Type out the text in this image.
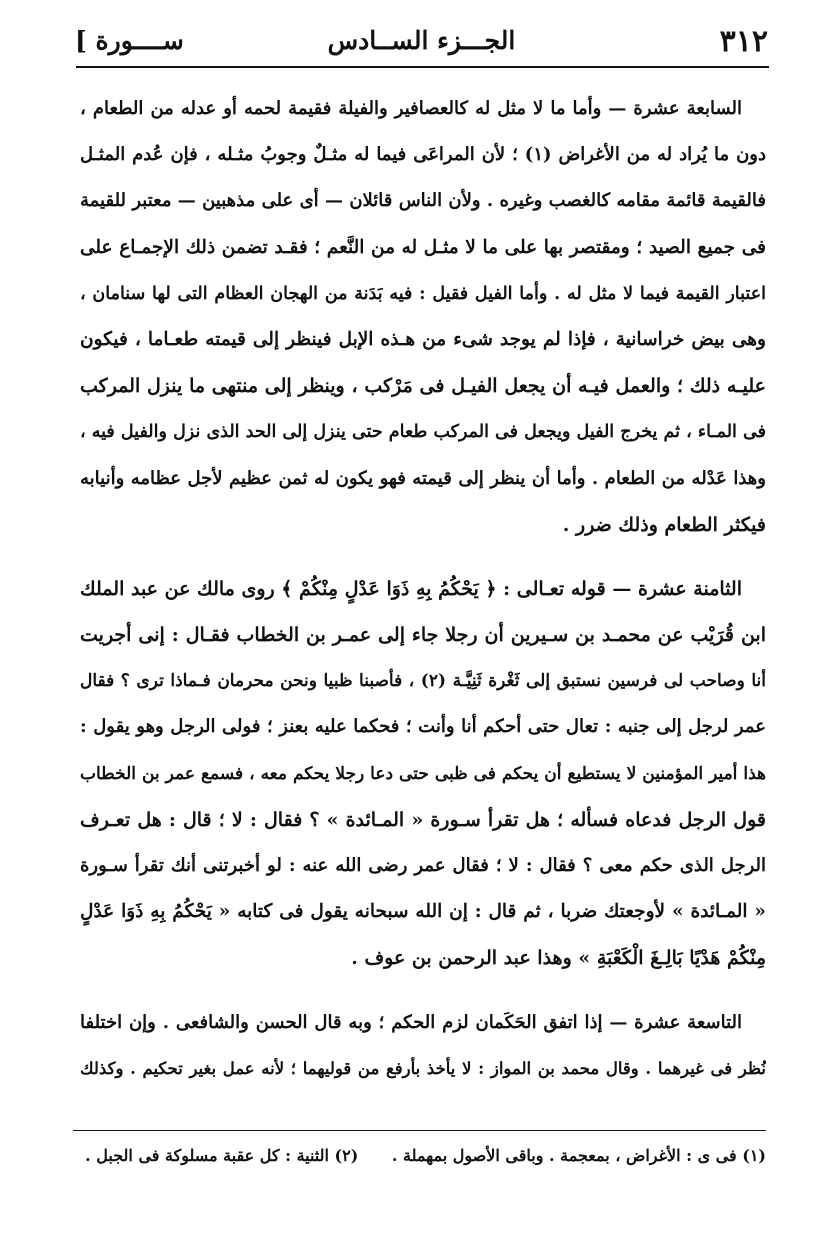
٣١٢
الجـــزء الســادس
ســــورة ]
السابعة عشرة — وأما ما لا مثل له كالعصافير والفيلة فقيمة لحمه أو عدله من الطعام ،
دون ما يُراد له من الأغراض (١) ؛ لأن المراعَى فيما له مثـلٌ وجوبُ مثـله ، فإن عُدم المثـل
فالقيمة قائمة مقامه كالغصب وغيره . ولأن الناس قائلان — أى على مذهبين — معتبر للقيمة
فى جميع الصيد ؛ ومقتصر بها على ما لا مثـل له من النَّعم ؛ فقـد تضمن ذلك الإجمـاع على
اعتبار القيمة فيما لا مثل له . وأما الفيل فقيل : فيه بَدَنة من الهجان العظام التى لها سنامان ،
وهى بيض خراسانية ، فإذا لم يوجد شىء من هـذه الإبل فينظر إلى قيمته طعـاما ، فيكون
عليـه ذلك ؛ والعمل فيـه أن يجعل الفيـل فى مَرْكب ، وينظر إلى منتهى ما ينزل المركب
فى المـاء ، ثم يخرج الفيل ويجعل فى المركب طعام حتى ينزل إلى الحد الذى نزل والفيل فيه ،
وهذا عَدْله من الطعام . وأما أن ينظر إلى قيمته فهو يكون له ثمن عظيم لأجل عظامه وأنيابه
فيكثر الطعام وذلك ضرر .
الثامنة عشرة — قوله تعـالى : ﴿ يَحْكُمُ بِهِ ذَوَا عَدْلٍ مِنْكُمْ ﴾ روى مالك عن عبد الملك
ابن قُرَيْب عن محمـد بن سـيرين أن رجلا جاء إلى عمـر بن الخطاب فقـال : إنى أجريت
أنا وصاحب لى فرسين نستبق إلى ثَغْرة ثَنِيَّـة (٢) ، فأصبنا ظبيا ونحن محرمان فـماذا ترى ؟ فقال
عمر لرجل إلى جنبه : تعال حتى أحكم أنا وأنت ؛ فحكما عليه بعنز ؛ فولى الرجل وهو يقول :
هذا أمير المؤمنين لا يستطيع أن يحكم فى ظبى حتى دعا رجلا يحكم معه ، فسمع عمر بن الخطاب
قول الرجل فدعاه فسأله ؛ هل تقرأ سـورة « المـائدة » ؟ فقال : لا ؛ قال : هل تعـرف
الرجل الذى حكم معى ؟ فقال : لا ؛ فقال عمر رضى الله عنه : لو أخبرتنى أنك تقرأ سـورة
« المـائدة » لأوجعتك ضربا ، ثم قال : إن الله سبحانه يقول فى كتابه « يَحْكُمُ بِهِ ذَوَا عَدْلٍ
مِنْكُمْ هَدْيًا بَالِـغَ الْكَعْبَةِ » وهذا عبد الرحمن بن عوف .
التاسعة عشرة — إذا اتفق الحَكَمان لزم الحكم ؛ وبه قال الحسن والشافعى . وإن اختلفا
نُظر فى غيرهما . وقال محمد بن المواز : لا يأخذ بأرفع من قوليهما ؛ لأنه عمل بغير تحكيم . وكذلك
(١) فى ى : الأغراض ، بمعجمة . وباقى الأصول بمهملة . (٢) الثنية : كل عقبة مسلوكة فى الجبل .
